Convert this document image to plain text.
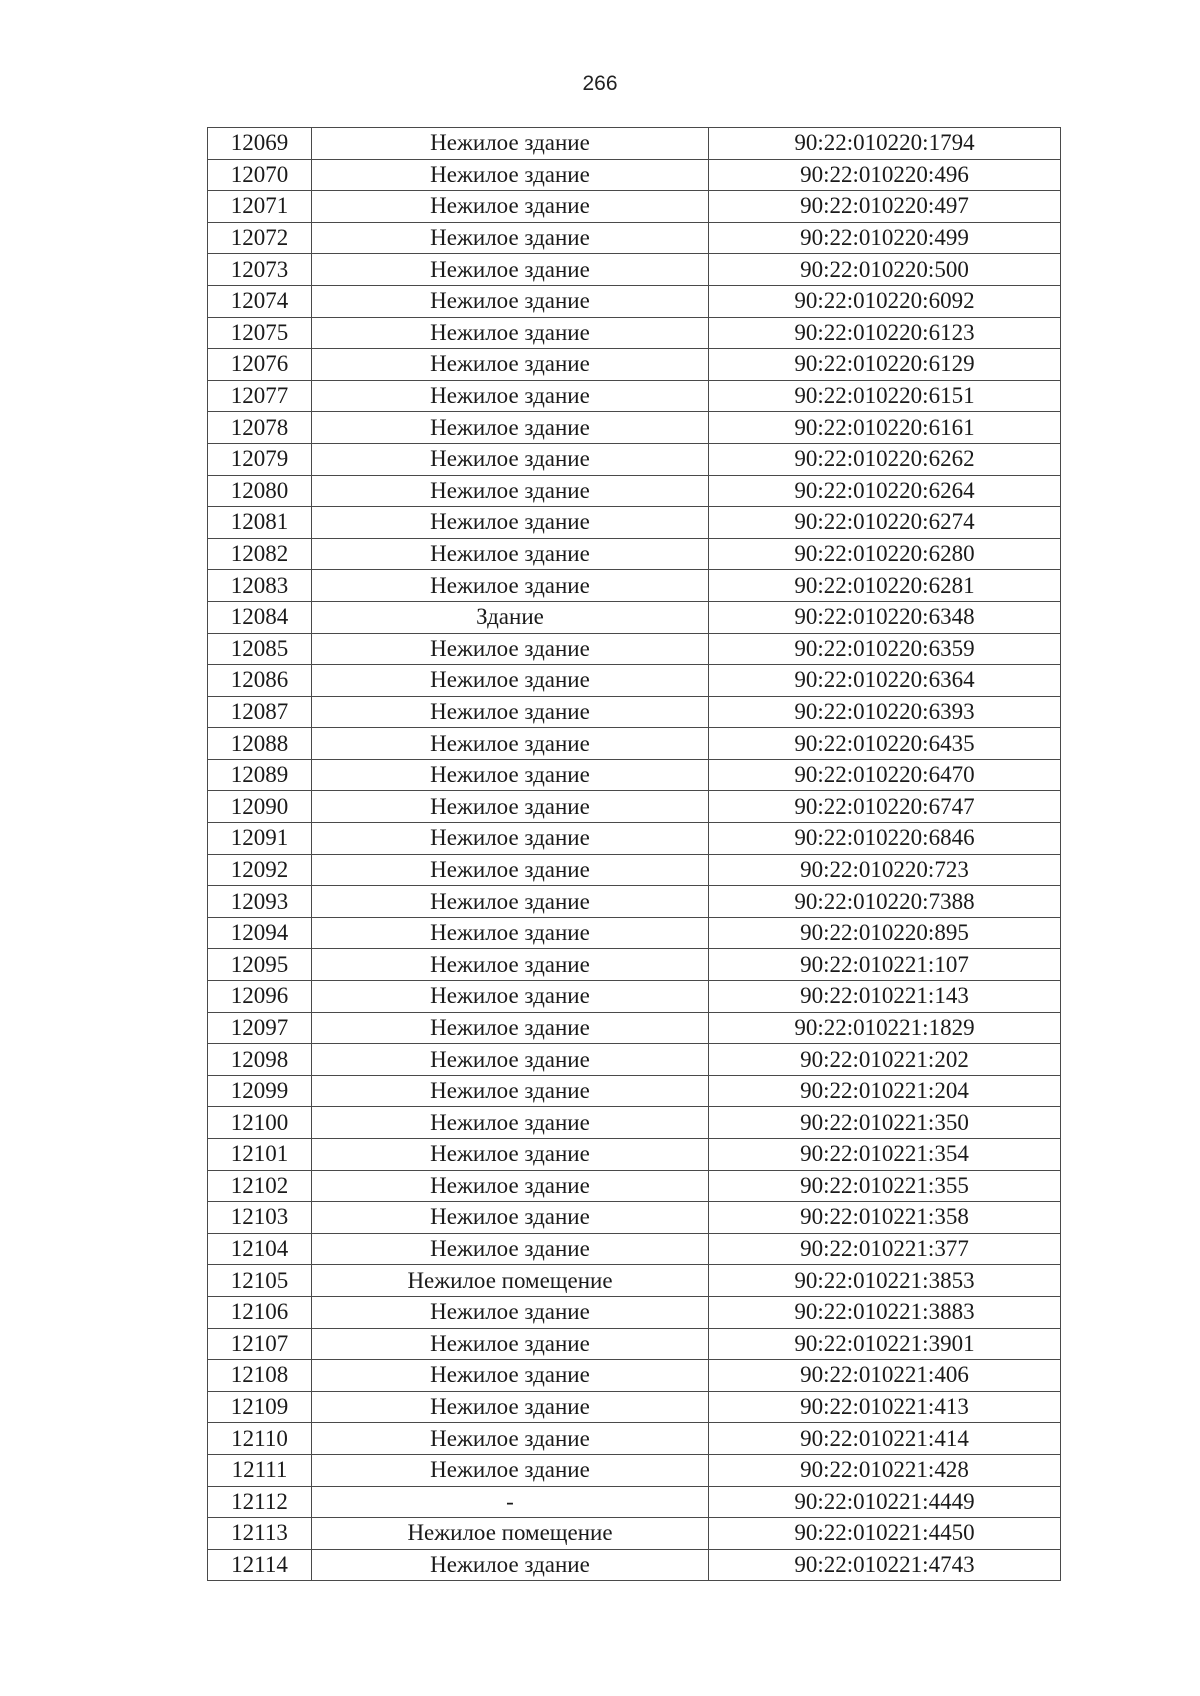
266
12069	Нежилое здание	90:22:010220:1794
12070	Нежилое здание	90:22:010220:496
12071	Нежилое здание	90:22:010220:497
12072	Нежилое здание	90:22:010220:499
12073	Нежилое здание	90:22:010220:500
12074	Нежилое здание	90:22:010220:6092
12075	Нежилое здание	90:22:010220:6123
12076	Нежилое здание	90:22:010220:6129
12077	Нежилое здание	90:22:010220:6151
12078	Нежилое здание	90:22:010220:6161
12079	Нежилое здание	90:22:010220:6262
12080	Нежилое здание	90:22:010220:6264
12081	Нежилое здание	90:22:010220:6274
12082	Нежилое здание	90:22:010220:6280
12083	Нежилое здание	90:22:010220:6281
12084	Здание	90:22:010220:6348
12085	Нежилое здание	90:22:010220:6359
12086	Нежилое здание	90:22:010220:6364
12087	Нежилое здание	90:22:010220:6393
12088	Нежилое здание	90:22:010220:6435
12089	Нежилое здание	90:22:010220:6470
12090	Нежилое здание	90:22:010220:6747
12091	Нежилое здание	90:22:010220:6846
12092	Нежилое здание	90:22:010220:723
12093	Нежилое здание	90:22:010220:7388
12094	Нежилое здание	90:22:010220:895
12095	Нежилое здание	90:22:010221:107
12096	Нежилое здание	90:22:010221:143
12097	Нежилое здание	90:22:010221:1829
12098	Нежилое здание	90:22:010221:202
12099	Нежилое здание	90:22:010221:204
12100	Нежилое здание	90:22:010221:350
12101	Нежилое здание	90:22:010221:354
12102	Нежилое здание	90:22:010221:355
12103	Нежилое здание	90:22:010221:358
12104	Нежилое здание	90:22:010221:377
12105	Нежилое помещение	90:22:010221:3853
12106	Нежилое здание	90:22:010221:3883
12107	Нежилое здание	90:22:010221:3901
12108	Нежилое здание	90:22:010221:406
12109	Нежилое здание	90:22:010221:413
12110	Нежилое здание	90:22:010221:414
12111	Нежилое здание	90:22:010221:428
12112	-	90:22:010221:4449
12113	Нежилое помещение	90:22:010221:4450
12114	Нежилое здание	90:22:010221:4743
